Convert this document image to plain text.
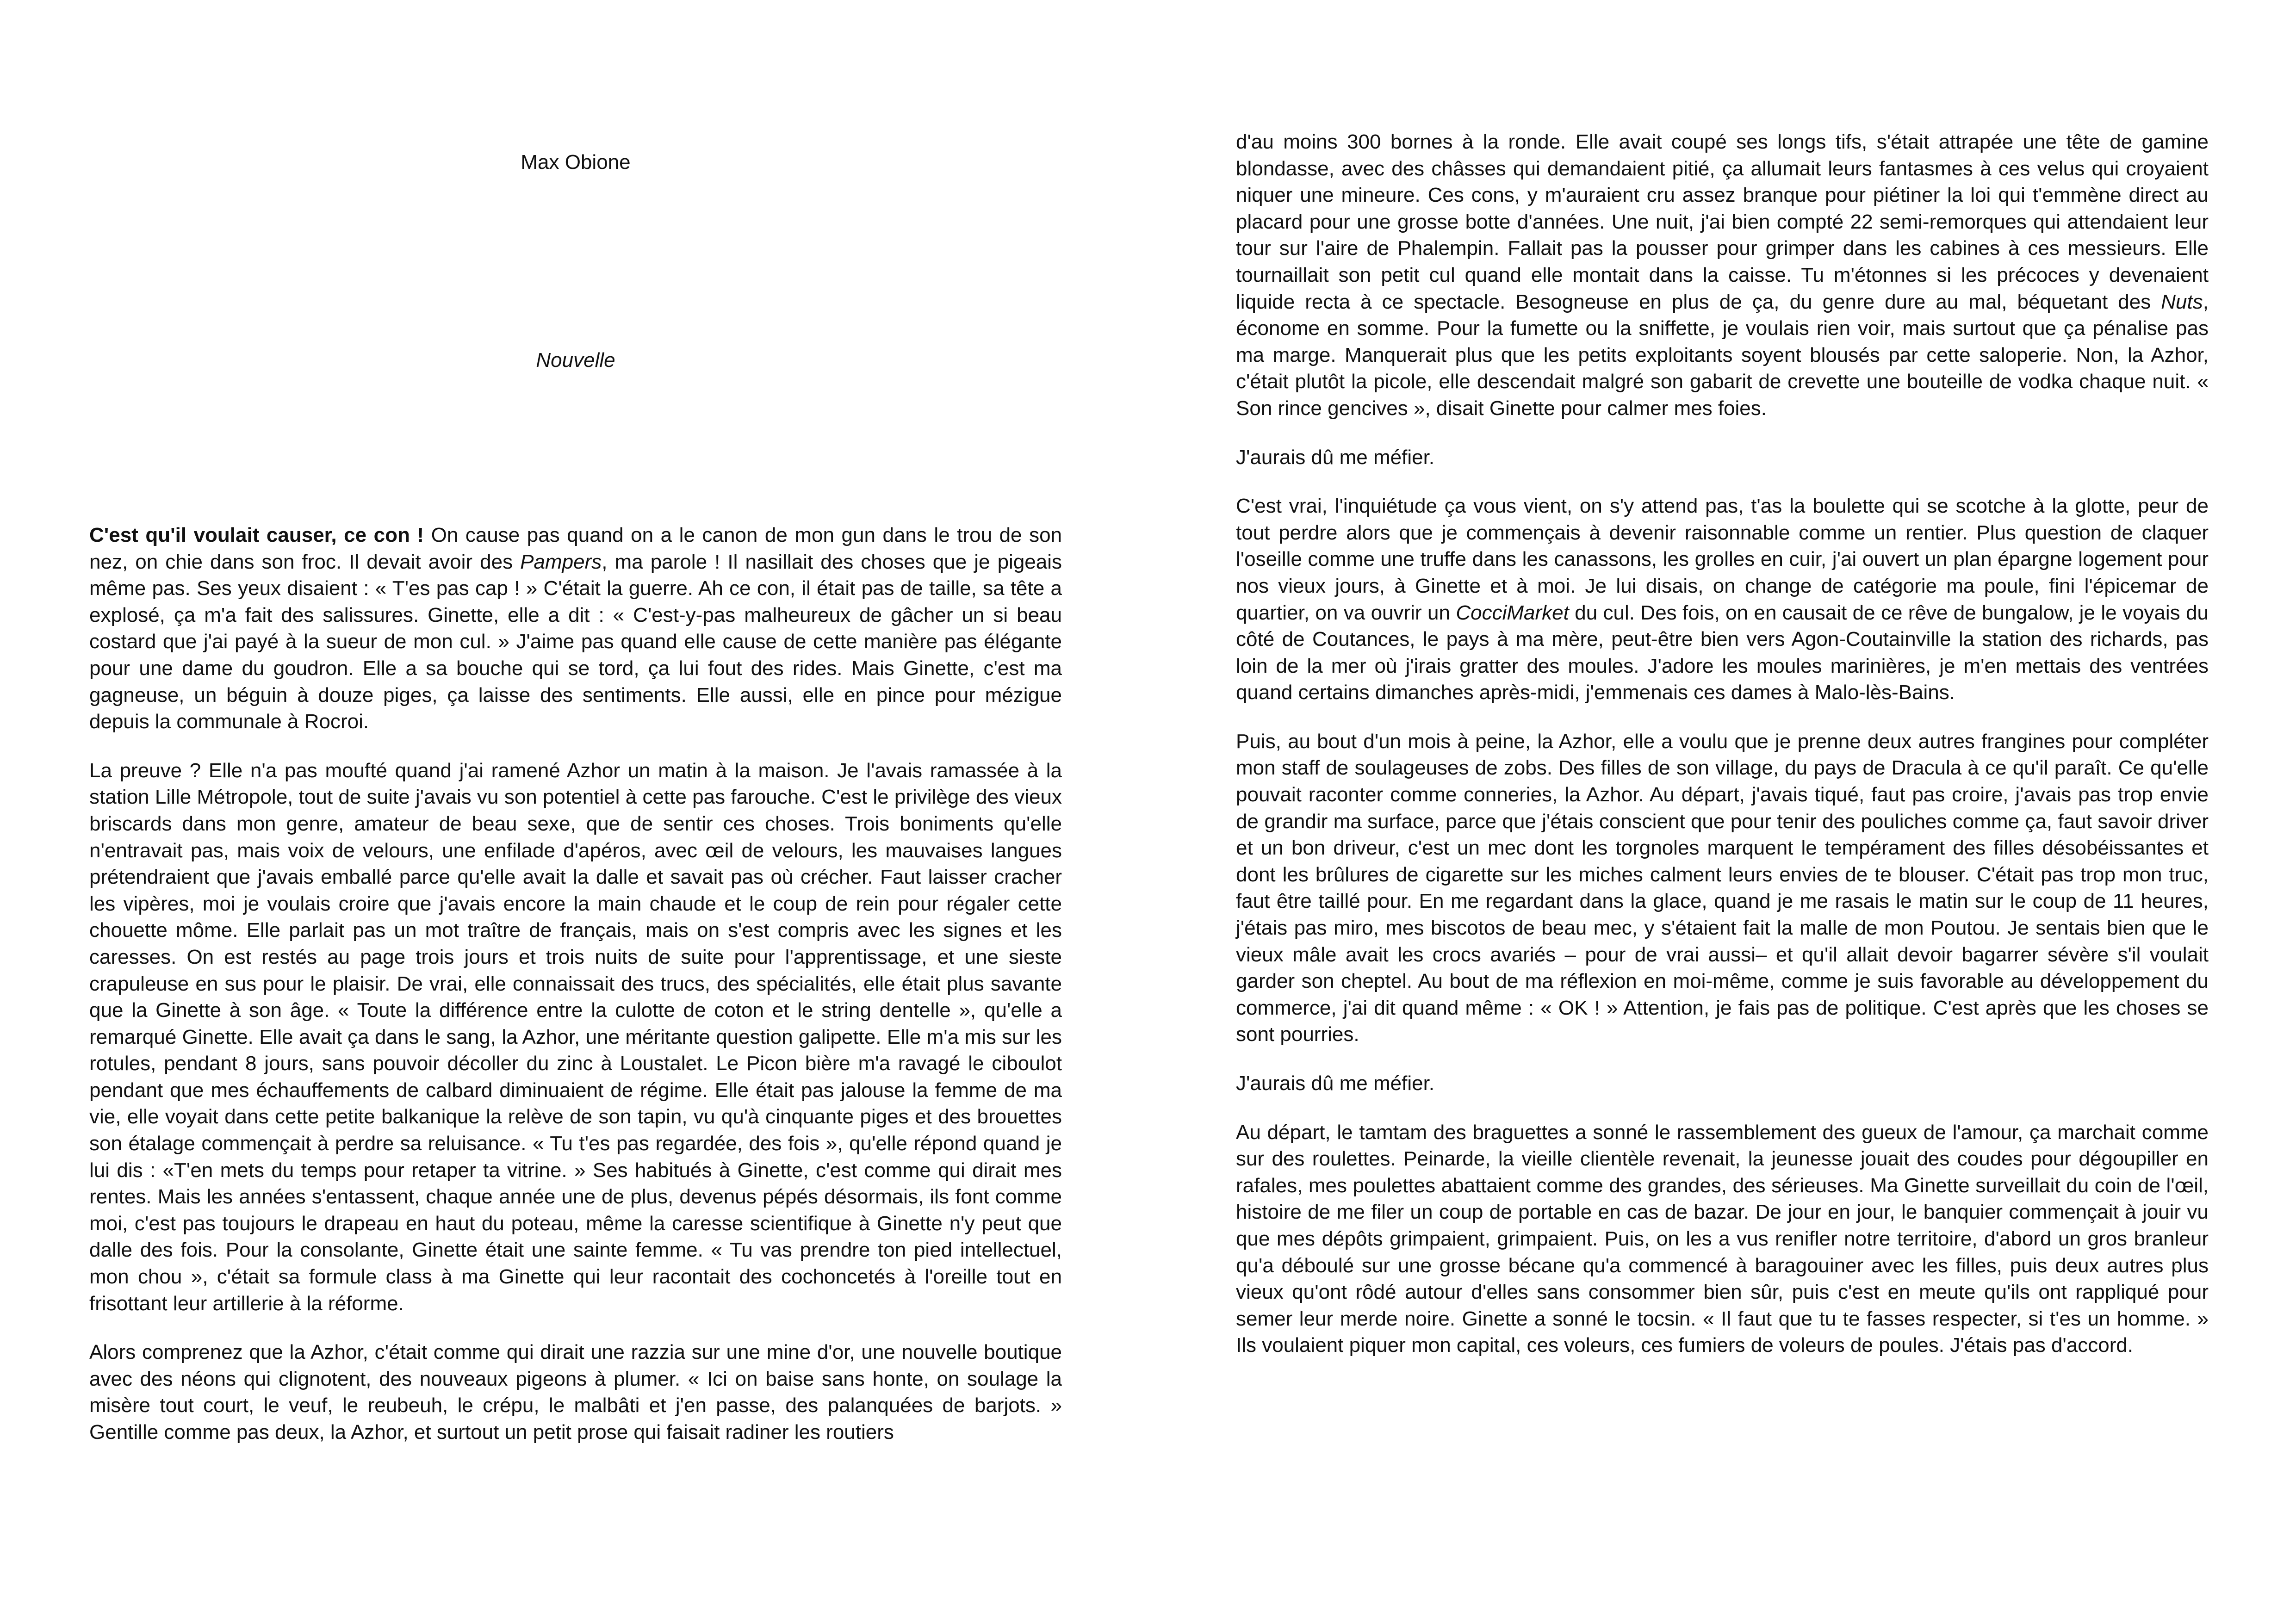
Max Obione
Nouvelle

C'est qu'il voulait causer, ce con ! On cause pas quand on a le canon de mon gun dans le trou de son nez, on chie dans son froc. Il devait avoir des Pampers, ma parole ! Il nasillait des choses que je pigeais même pas. Ses yeux disaient : « T'es pas cap ! » C'était la guerre. Ah ce con, il était pas de taille, sa tête a explosé, ça m'a fait des salissures. Ginette, elle a dit : « C'est-y-pas malheureux de gâcher un si beau costard que j'ai payé à la sueur de mon cul. » J'aime pas quand elle cause de cette manière pas élégante pour une dame du goudron. Elle a sa bouche qui se tord, ça lui fout des rides. Mais Ginette, c'est ma gagneuse, un béguin à douze piges, ça laisse des sentiments. Elle aussi, elle en pince pour mézigue depuis la communale à Rocroi.

La preuve ? Elle n'a pas moufté quand j'ai ramené Azhor un matin à la maison. Je l'avais ramassée à la station Lille Métropole, tout de suite j'avais vu son potentiel à cette pas farouche. C'est le privilège des vieux briscards dans mon genre, amateur de beau sexe, que de sentir ces choses. Trois boniments qu'elle n'entravait pas, mais voix de velours, une enfilade d'apéros, avec œil de velours, les mauvaises langues prétendraient que j'avais emballé parce qu'elle avait la dalle et savait pas où crécher. Faut laisser cracher les vipères, moi je voulais croire que j'avais encore la main chaude et le coup de rein pour régaler cette chouette môme. Elle parlait pas un mot traître de français, mais on s'est compris avec les signes et les caresses. On est restés au page trois jours et trois nuits de suite pour l'apprentissage, et une sieste crapuleuse en sus pour le plaisir. De vrai, elle connaissait des trucs, des spécialités, elle était plus savante que la Ginette à son âge. « Toute la différence entre la culotte de coton et le string dentelle », qu'elle a remarqué Ginette. Elle avait ça dans le sang, la Azhor, une méritante question galipette. Elle m'a mis sur les rotules, pendant 8 jours, sans pouvoir décoller du zinc à Loustalet. Le Picon bière m'a ravagé le ciboulot pendant que mes échauffements de calbard diminuaient de régime. Elle était pas jalouse la femme de ma vie, elle voyait dans cette petite balkanique la relève de son tapin, vu qu'à cinquante piges et des brouettes son étalage commençait à perdre sa reluisance. « Tu t'es pas regardée, des fois », qu'elle répond quand je lui dis : «T'en mets du temps pour retaper ta vitrine. » Ses habitués à Ginette, c'est comme qui dirait mes rentes. Mais les années s'entassent, chaque année une de plus, devenus pépés désormais, ils font comme moi, c'est pas toujours le drapeau en haut du poteau, même la caresse scientifique à Ginette n'y peut que dalle des fois. Pour la consolante, Ginette était une sainte femme. « Tu vas prendre ton pied intellectuel, mon chou », c'était sa formule class à ma Ginette qui leur racontait des cochoncetés à l'oreille tout en frisottant leur artillerie à la réforme.

Alors comprenez que la Azhor, c'était comme qui dirait une razzia sur une mine d'or, une nouvelle boutique avec des néons qui clignotent, des nouveaux pigeons à plumer. « Ici on baise sans honte, on soulage la misère tout court, le veuf, le reubeuh, le crépu, le malbâti et j'en passe, des palanquées de barjots. » Gentille comme pas deux, la Azhor, et surtout un petit prose qui faisait radiner les routiers

d'au moins 300 bornes à la ronde. Elle avait coupé ses longs tifs, s'était attrapée une tête de gamine blondasse, avec des châsses qui demandaient pitié, ça allumait leurs fantasmes à ces velus qui croyaient niquer une mineure. Ces cons, y m'auraient cru assez branque pour piétiner la loi qui t'emmène direct au placard pour une grosse botte d'années. Une nuit, j'ai bien compté 22 semi-remorques qui attendaient leur tour sur l'aire de Phalempin. Fallait pas la pousser pour grimper dans les cabines à ces messieurs. Elle tournaillait son petit cul quand elle montait dans la caisse. Tu m'étonnes si les précoces y devenaient liquide recta à ce spectacle. Besogneuse en plus de ça, du genre dure au mal, béquetant des Nuts, économe en somme. Pour la fumette ou la sniffette, je voulais rien voir, mais surtout que ça pénalise pas ma marge. Manquerait plus que les petits exploitants soyent blousés par cette saloperie. Non, la Azhor, c'était plutôt la picole, elle descendait malgré son gabarit de crevette une bouteille de vodka chaque nuit. « Son rince gencives », disait Ginette pour calmer mes foies.

J'aurais dû me méfier.

C'est vrai, l'inquiétude ça vous vient, on s'y attend pas, t'as la boulette qui se scotche à la glotte, peur de tout perdre alors que je commençais à devenir raisonnable comme un rentier. Plus question de claquer l'oseille comme une truffe dans les canassons, les grolles en cuir, j'ai ouvert un plan épargne logement pour nos vieux jours, à Ginette et à moi. Je lui disais, on change de catégorie ma poule, fini l'épicemar de quartier, on va ouvrir un CocciMarket du cul. Des fois, on en causait de ce rêve de bungalow, je le voyais du côté de Coutances, le pays à ma mère, peut-être bien vers Agon-Coutainville la station des richards, pas loin de la mer où j'irais gratter des moules. J'adore les moules marinières, je m'en mettais des ventrées quand certains dimanches après-midi, j'emmenais ces dames à Malo-lès-Bains.

Puis, au bout d'un mois à peine, la Azhor, elle a voulu que je prenne deux autres frangines pour compléter mon staff de soulageuses de zobs. Des filles de son village, du pays de Dracula à ce qu'il paraît. Ce qu'elle pouvait raconter comme conneries, la Azhor. Au départ, j'avais tiqué, faut pas croire, j'avais pas trop envie de grandir ma surface, parce que j'étais conscient que pour tenir des pouliches comme ça, faut savoir driver et un bon driveur, c'est un mec dont les torgnoles marquent le tempérament des filles désobéissantes et dont les brûlures de cigarette sur les miches calment leurs envies de te blouser. C'était pas trop mon truc, faut être taillé pour. En me regardant dans la glace, quand je me rasais le matin sur le coup de 11 heures, j'étais pas miro, mes biscotos de beau mec, y s'étaient fait la malle de mon Poutou. Je sentais bien que le vieux mâle avait les crocs avariés – pour de vrai aussi– et qu'il allait devoir bagarrer sévère s'il voulait garder son cheptel. Au bout de ma réflexion en moi-même, comme je suis favorable au développement du commerce, j'ai dit quand même : « OK ! » Attention, je fais pas de politique. C'est après que les choses se sont pourries.

J'aurais dû me méfier.

Au départ, le tamtam des braguettes a sonné le rassemblement des gueux de l'amour, ça marchait comme sur des roulettes. Peinarde, la vieille clientèle revenait, la jeunesse jouait des coudes pour dégoupiller en rafales, mes poulettes abattaient comme des grandes, des sérieuses. Ma Ginette surveillait du coin de l'œil, histoire de me filer un coup de portable en cas de bazar. De jour en jour, le banquier commençait à jouir vu que mes dépôts grimpaient, grimpaient. Puis, on les a vus renifler notre territoire, d'abord un gros branleur qu'a déboulé sur une grosse bécane qu'a commencé à baragouiner avec les filles, puis deux autres plus vieux qu'ont rôdé autour d'elles sans consommer bien sûr, puis c'est en meute qu'ils ont rappliqué pour semer leur merde noire. Ginette a sonné le tocsin. « Il faut que tu te fasses respecter, si t'es un homme. » Ils voulaient piquer mon capital, ces voleurs, ces fumiers de voleurs de poules. J'étais pas d'accord.
